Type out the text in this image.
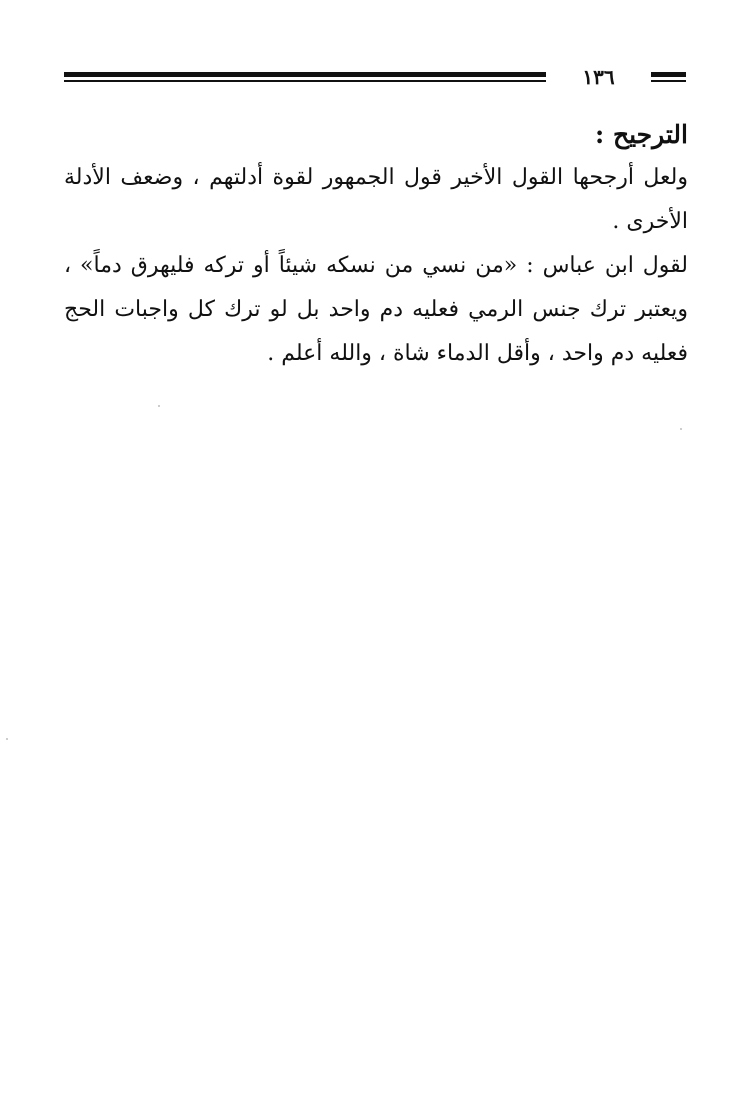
١٣٦
الترجيح :

ولعل أرجحها القول الأخير قول الجمهور لقوة أدلتهم ، وضعف الأدلة الأخرى .

لقول ابن عباس : «من نسي من نسكه شيئاً أو تركه فليهرق دماً» ، ويعتبر ترك جنس الرمي فعليه دم واحد بل لو ترك كل واجبات الحج فعليه دم واحد ، وأقل الدماء شاة ، والله أعلم .
